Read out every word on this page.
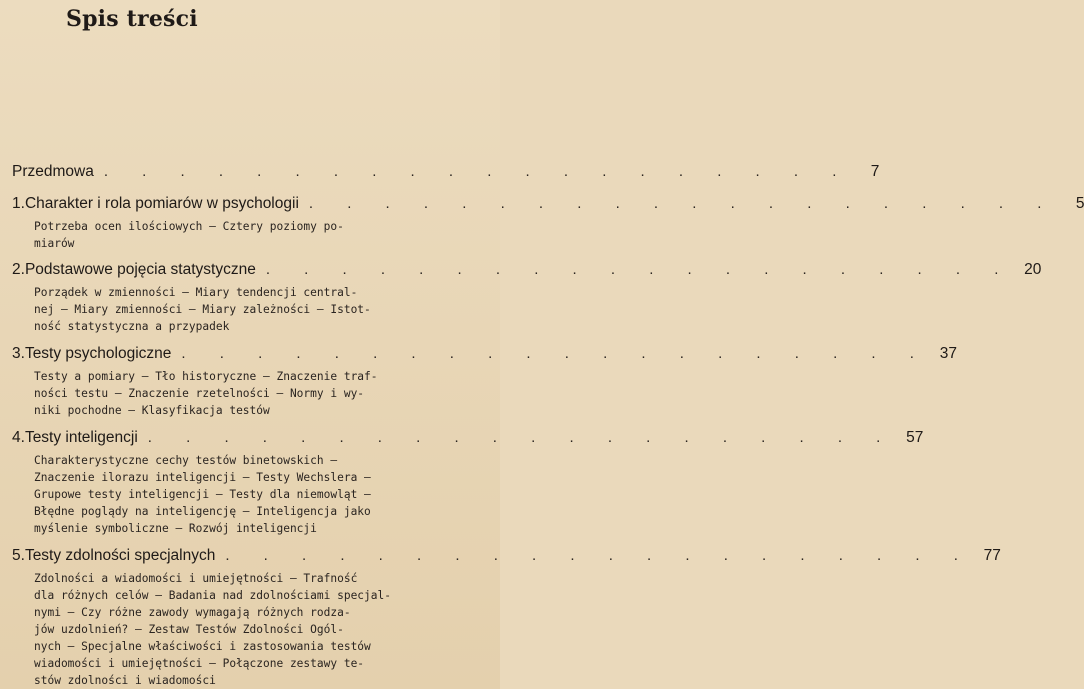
Spis treści
Przedmowa . . . . . . . . . . . . . . . . . . . .	7
1. Charakter i rola pomiarów w psychologii . . . . . . . . . . . . . . . . . . . .	5
Potrzeba ocen ilościowych — Cztery poziomy po-
miarów
2. Podstawowe pojęcia statystyczne . . . . . . . . . . . . . . . . . . . . 20
Porządek w zmienności — Miary tendencji central-
nej — Miary zmienności — Miary zależności — Istot-
ność statystyczna a przypadek
3. Testy psychologiczne . . . . . . . . . . . . . . . . . . . . 37
Testy a pomiary — Tło historyczne — Znaczenie traf-
ności testu — Znaczenie rzetelności — Normy i wy-
niki pochodne — Klasyfikacja testów
4. Testy inteligencji . . . . . . . . . . . . . . . . . . . . 57
Charakterystyczne cechy testów binetowskich —
Znaczenie ilorazu inteligencji — Testy Wechslera —
Grupowe testy inteligencji — Testy dla niemowląt —
Błędne poglądy na inteligencję — Inteligencja jako
myślenie symboliczne — Rozwój inteligencji
5. Testy zdolności specjalnych . . . . . . . . . . . . . . . . . . . . 77
Zdolności a wiadomości i umiejętności — Trafność
dla różnych celów — Badania nad zdolnościami specjal-
nymi — Czy różne zawody wymagają różnych rodza-
jów uzdolnień? — Zestaw Testów Zdolności Ogól-
nych — Specjalne właściwości i zastosowania testów
wiadomości i umiejętności — Połączone zestawy te-
stów zdolności i wiadomości
